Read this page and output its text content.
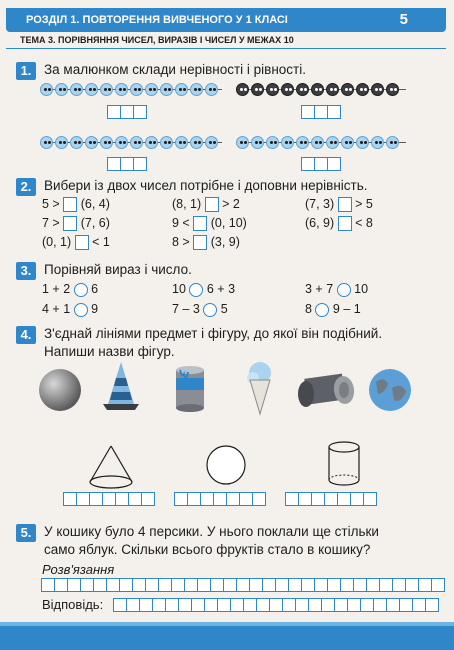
РОЗДІЛ 1. ПОВТОРЕННЯ ВИВЧЕНОГО У 1 КЛАСІ	5
ТЕМА 3. ПОРІВНЯННЯ ЧИСЕЛ, ВИРАЗІВ І ЧИСЕЛ У МЕЖАХ 10
1. За малюнком склади нерівності і рівності.
2. Вибери із двох чисел потрібне і доповни нерівність.
5 > (6, 4)	(8, 1) > 2	(7, 3) > 5
7 > (7, 6)	9 < (0, 10)	(6, 9) < 8
(0, 1) < 1	8 > (3, 9)
3. Порівняй вираз і число.
1 + 2 6	10 6 + 3	3 + 7 10
4 + 1 9	7 – 3 5	8 9 – 1
4. З'єднай лініями предмет і фігуру, до якої він подібний.
Напиши назви фігур.
5. У кошику було 4 персики. У нього поклали ще стільки
само яблук. Скільки всього фруктів стало в кошику?
Розв'язання
Відповідь:
